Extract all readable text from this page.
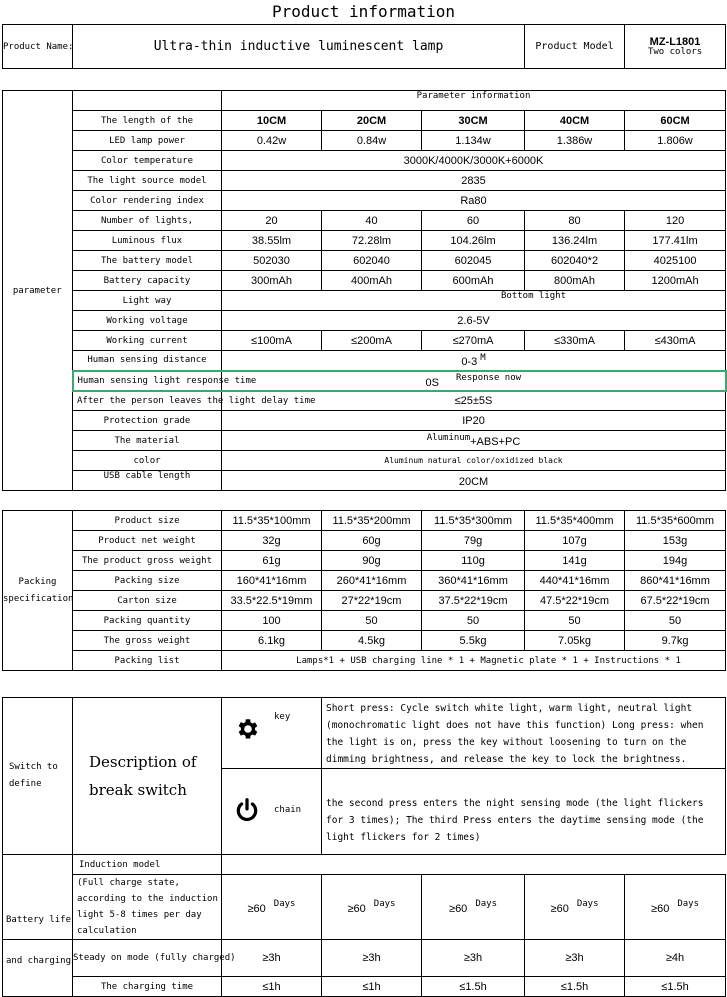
Product information
Product Name:	Ultra-thin inductive luminescent lamp				Product Model	MZ-L1801
Two colors

parameter		Parameter information				
	The length of the	10CM	20CM	30CM	40CM	60CM
	LED lamp power	0.42w	0.84w	1.134w	1.386w	1.806w
	Color temperature	3000K/4000K/3000K+6000K				
	The light source model	2835				
	Color rendering index	Ra80				
	Number of lights,	20	40	60	80	120
	Luminous flux	38.55lm	72.28lm	104.26lm	136.24lm	177.41lm
	The battery model	502030	602040	602045	602040*2	4025100
	Battery capacity	300mAh	400mAh	600mAh	800mAh	1200mAh
	Light way	Bottom light				
	Working voltage	2.6-5V				
	Working current	≤100mA	≤200mA	≤270mA	≤330mA	≤430mA
	Human sensing distance	0-3 $^M$
	Human sensing light response time	0S $^{Response now}$
	After the person leaves the light delay time	≤25±5S				
	Protection grade	IP20				
	The material	$^{Aluminum}$+ABS+PC				
	color	Aluminum natural color/oxidized black				
	USB cable length	20CM				

Packing specification	Product size	11.5*35*100mm	11.5*35*200mm	11.5*35*300mm	11.5*35*400mm	11.5*35*600mm
	Product net weight	32g	60g	79g	107g	153g
	The product gross weight	61g	90g	110g	141g	194g
	Packing size	160*41*16mm	260*41*16mm	360*41*16mm	440*41*16mm	860*41*16mm
	Carton size	33.5*22.5*19mm	27*22*19cm	37.5*22*19cm	47.5*22*19cm	67.5*22*19cm
	Packing quantity	100	50	50	50	50
	The gross weight	6.1kg	4.5kg	5.5kg	7.05kg	9.7kg
	Packing list	Lamps*1 + USB charging line * 1 + Magnetic plate * 1 + Instructions * 1				

Switch to define	Description of break switch	key	Short press: Cycle switch white light, warm light, neutral light (monochromatic light does not have this function) Long press: when the light is on, press the key without loosening to turn on the dimming brightness, and release the key to lock the brightness.			

		chain	the second press enters the night sensing mode (the light flickers for 3 times); The third Press enters the daytime sensing mode (the light flickers for 2 times)			
Battery life	Induction model					
	(Full charge state, according to the induction light 5-8 times per day calculation	≥60 $^{Days}$	≥60 $^{Days}$	≥60 $^{Days}$	≥60 $^{Days}$	≥60 $^{Days}$
and charging	Steady on mode (fully charged)	≥3h	≥3h	≥3h	≥3h	≥4h
	The charging time	≤1h	≤1h	≤1.5h	≤1.5h	≤1.5h
